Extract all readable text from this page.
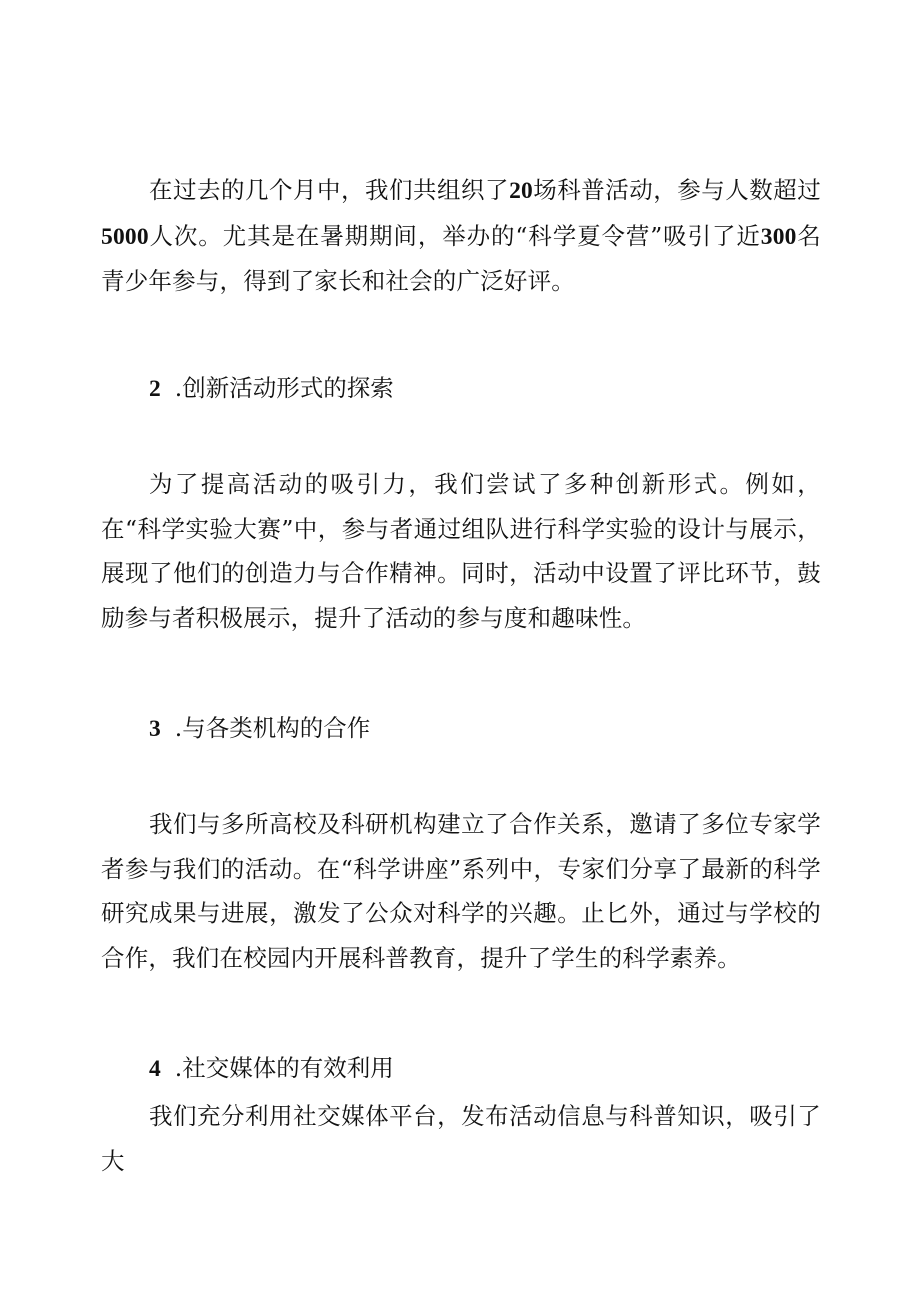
在过去的几个月中，我们共组织了20场科普活动，参与人数超过5000人次。尤其是在暑期期间，举办的“科学夏令营”吸引了近300名青少年参与，得到了家长和社会的广泛好评。

2 .创新活动形式的探索

为了提高活动的吸引力，我们尝试了多种创新形式。例如，在“科学实验大赛”中，参与者通过组队进行科学实验的设计与展示，展现了他们的创造力与合作精神。同时，活动中设置了评比环节，鼓励参与者积极展示，提升了活动的参与度和趣味性。

3 .与各类机构的合作

我们与多所高校及科研机构建立了合作关系，邀请了多位专家学者参与我们的活动。在“科学讲座”系列中，专家们分享了最新的科学研究成果与进展，激发了公众对科学的兴趣。止匕外，通过与学校的合作，我们在校园内开展科普教育，提升了学生的科学素养。

4 .社交媒体的有效利用

我们充分利用社交媒体平台，发布活动信息与科普知识，吸引了大
